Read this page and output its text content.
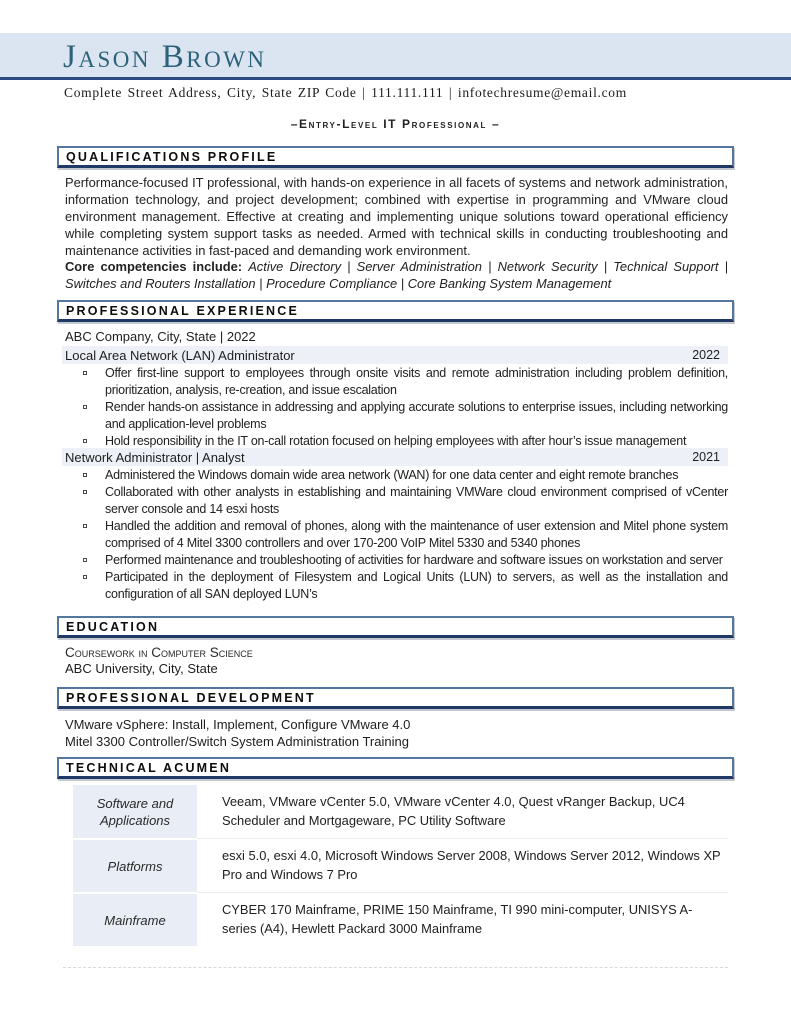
Jason Brown
Complete Street Address, City, State ZIP Code | 111.111.111 | infotechresume@email.com
–Entry-Level IT Professional –
QUALIFICATIONS PROFILE

Performance-focused IT professional, with hands-on experience in all facets of systems and network administration, information technology, and project development; combined with expertise in programming and VMware cloud environment management. Effective at creating and implementing unique solutions toward operational efficiency while completing system support tasks as needed. Armed with technical skills in conducting troubleshooting and maintenance activities in fast-paced and demanding work environment.

Core competencies include: Active Directory | Server Administration | Network Security | Technical Support | Switches and Routers Installation | Procedure Compliance | Core Banking System Management

PROFESSIONAL EXPERIENCE
ABC Company, City, State | 2022
Local Area Network (LAN) Administrator	2022
Offer first-line support to employees through onsite visits and remote administration including problem definition, prioritization, analysis, re-creation, and issue escalation
Render hands-on assistance in addressing and applying accurate solutions to enterprise issues, including networking and application-level problems
Hold responsibility in the IT on-call rotation focused on helping employees with after hour’s issue management
Network Administrator | Analyst	2021
Administered the Windows domain wide area network (WAN) for one data center and eight remote branches
Collaborated with other analysts in establishing and maintaining VMWare cloud environment comprised of vCenter server console and 14 esxi hosts
Handled the addition and removal of phones, along with the maintenance of user extension and Mitel phone system comprised of 4 Mitel 3300 controllers and over 170-200 VoIP Mitel 5330 and 5340 phones
Performed maintenance and troubleshooting of activities for hardware and software issues on workstation and server
Participated in the deployment of Filesystem and Logical Units (LUN) to servers, as well as the installation and configuration of all SAN deployed LUN’s
EDUCATION
Coursework in Computer Science
ABC University, City, State
PROFESSIONAL DEVELOPMENT
VMware vSphere: Install, Implement, Configure VMware 4.0
Mitel 3300 Controller/Switch System Administration Training
TECHNICAL ACUMEN
Software and Applications
Veeam, VMware vCenter 5.0, VMware vCenter 4.0, Quest vRanger Backup, UC4 Scheduler and Mortgageware, PC Utility Software
Platforms
esxi 5.0, esxi 4.0, Microsoft Windows Server 2008, Windows Server 2012, Windows XP Pro and Windows 7 Pro
Mainframe
CYBER 170 Mainframe, PRIME 150 Mainframe, TI 990 mini-computer, UNISYS A-series (A4), Hewlett Packard 3000 Mainframe
